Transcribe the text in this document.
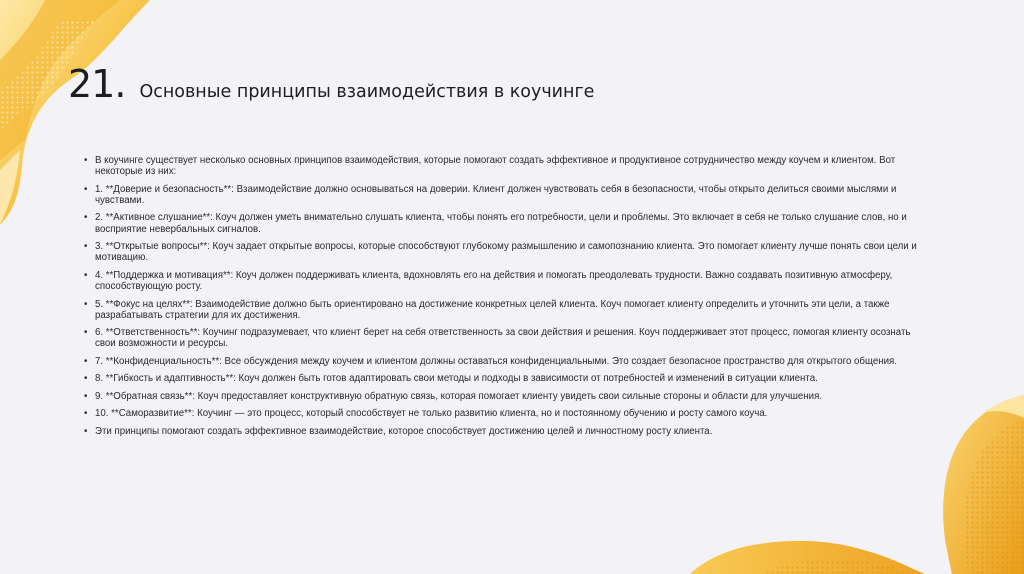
21. Основные принципы взаимодействия в коучинге
• В коучинге существует несколько основных принципов взаимодействия, которые помогают создать эффективное и продуктивное сотрудничество между коучем и клиентом. Вот некоторые из них:
• 1. **Доверие и безопасность**: Взаимодействие должно основываться на доверии. Клиент должен чувствовать себя в безопасности, чтобы открыто делиться своими мыслями и чувствами.
• 2. **Активное слушание**: Коуч должен уметь внимательно слушать клиента, чтобы понять его потребности, цели и проблемы. Это включает в себя не только слушание слов, но и восприятие невербальных сигналов.
• 3. **Открытые вопросы**: Коуч задает открытые вопросы, которые способствуют глубокому размышлению и самопознанию клиента. Это помогает клиенту лучше понять свои цели и мотивацию.
• 4. **Поддержка и мотивация**: Коуч должен поддерживать клиента, вдохновлять его на действия и помогать преодолевать трудности. Важно создавать позитивную атмосферу, способствующую росту.
• 5. **Фокус на целях**: Взаимодействие должно быть ориентировано на достижение конкретных целей клиента. Коуч помогает клиенту определить и уточнить эти цели, а также разрабатывать стратегии для их достижения.
• 6. **Ответственность**: Коучинг подразумевает, что клиент берет на себя ответственность за свои действия и решения. Коуч поддерживает этот процесс, помогая клиенту осознать свои возможности и ресурсы.
• 7. **Конфиденциальность**: Все обсуждения между коучем и клиентом должны оставаться конфиденциальными. Это создает безопасное пространство для открытого общения.
• 8. **Гибкость и адаптивность**: Коуч должен быть готов адаптировать свои методы и подходы в зависимости от потребностей и изменений в ситуации клиента.
• 9. **Обратная связь**: Коуч предоставляет конструктивную обратную связь, которая помогает клиенту увидеть свои сильные стороны и области для улучшения.
• 10. **Саморазвитие**: Коучинг — это процесс, который способствует не только развитию клиента, но и постоянному обучению и росту самого коуча.
• Эти принципы помогают создать эффективное взаимодействие, которое способствует достижению целей и личностному росту клиента.
